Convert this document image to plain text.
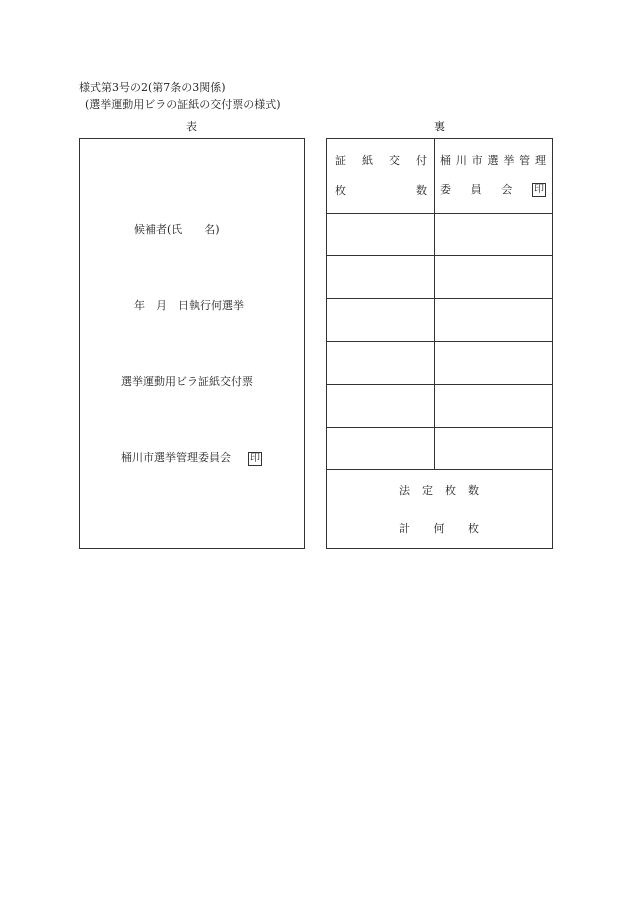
様式第3号の2(第7条の3関係)
(選挙運動用ビラの証紙の交付票の様式)
表
候補者(氏　　名)
年　月　日執行何選挙
選挙運動用ビラ証紙交付票
桶川市選挙管理委員会 印
裏
証 紙 交 付
枚	数
桶 川 市 選 挙 管 理
委 員 会 印
法 定 枚 数
計 何 枚
